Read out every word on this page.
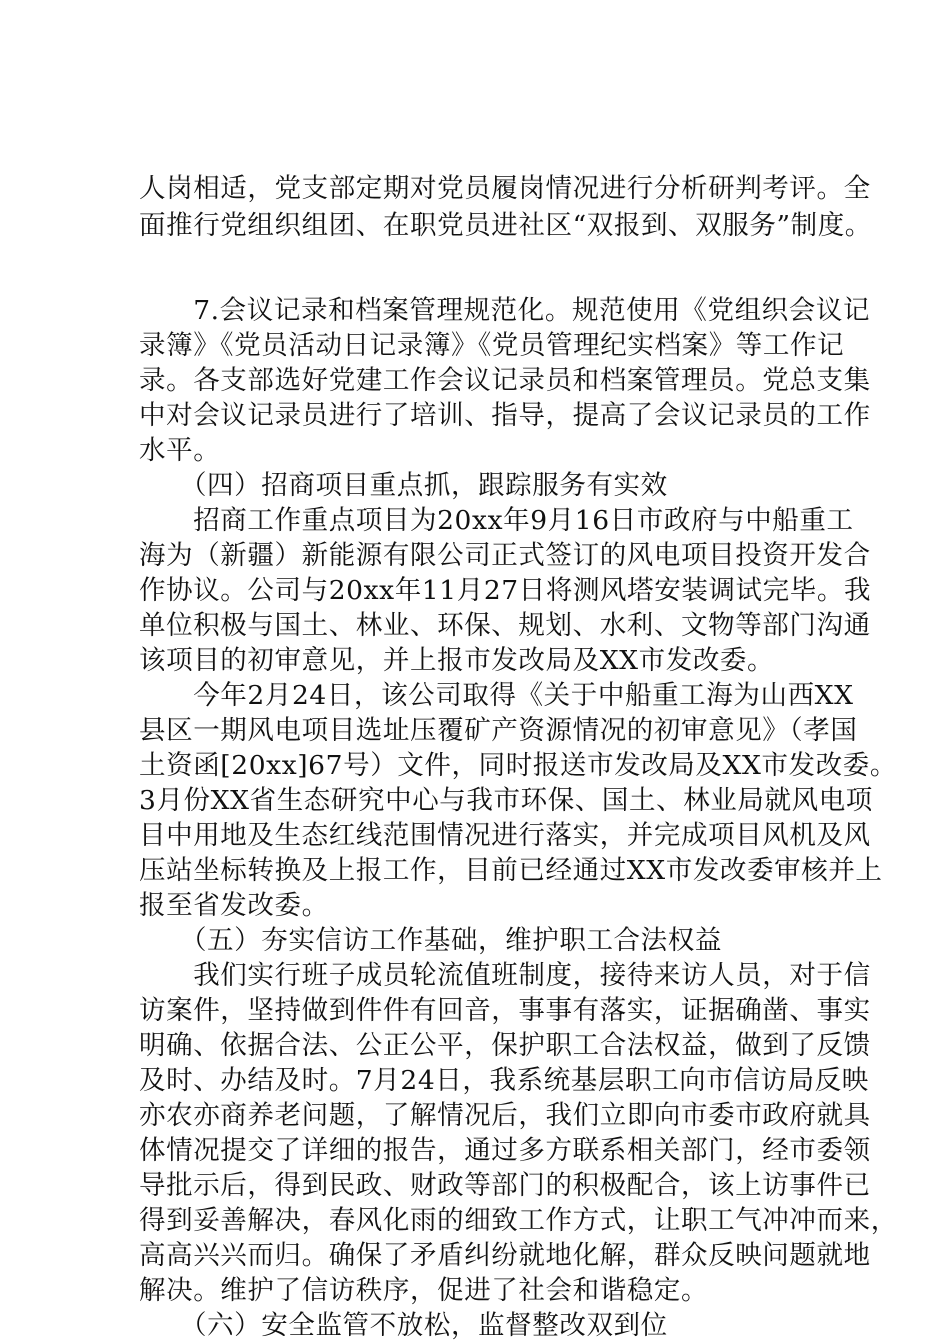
人岗相适，党支部定期对党员履岗情况进行分析研判考评。全
面推行党组织组团、在职党员进社区“双报到、双服务”制度。
　　7.会议记录和档案管理规范化。规范使用《党组织会议记
录簿》《党员活动日记录簿》《党员管理纪实档案》等工作记
录。各支部选好党建工作会议记录员和档案管理员。党总支集
中对会议记录员进行了培训、指导，提高了会议记录员的工作
水平。
　　（四）招商项目重点抓，跟踪服务有实效
　　招商工作重点项目为20xx年9月16日市政府与中船重工
海为（新疆）新能源有限公司正式签订的风电项目投资开发合
作协议。公司与20xx年11月27日将测风塔安装调试完毕。我
单位积极与国土、林业、环保、规划、水利、文物等部门沟通
该项目的初审意见，并上报市发改局及XX市发改委。
　　今年2月24日，该公司取得《关于中船重工海为山西XX
县区一期风电项目选址压覆矿产资源情况的初审意见》（孝国
土资函[20xx]67号）文件，同时报送市发改局及XX市发改委。
3月份XX省生态研究中心与我市环保、国土、林业局就风电项
目中用地及生态红线范围情况进行落实，并完成项目风机及风
压站坐标转换及上报工作，目前已经通过XX市发改委审核并上
报至省发改委。
　　（五）夯实信访工作基础，维护职工合法权益
　　我们实行班子成员轮流值班制度，接待来访人员，对于信
访案件，坚持做到件件有回音，事事有落实，证据确凿、事实
明确、依据合法、公正公平，保护职工合法权益，做到了反馈
及时、办结及时。7月24日，我系统基层职工向市信访局反映
亦农亦商养老问题，了解情况后，我们立即向市委市政府就具
体情况提交了详细的报告，通过多方联系相关部门，经市委领
导批示后，得到民政、财政等部门的积极配合，该上访事件已
得到妥善解决，春风化雨的细致工作方式，让职工气冲冲而来，
高高兴兴而归。确保了矛盾纠纷就地化解，群众反映问题就地
解决。维护了信访秩序，促进了社会和谐稳定。
　　（六）安全监管不放松，监督整改双到位
